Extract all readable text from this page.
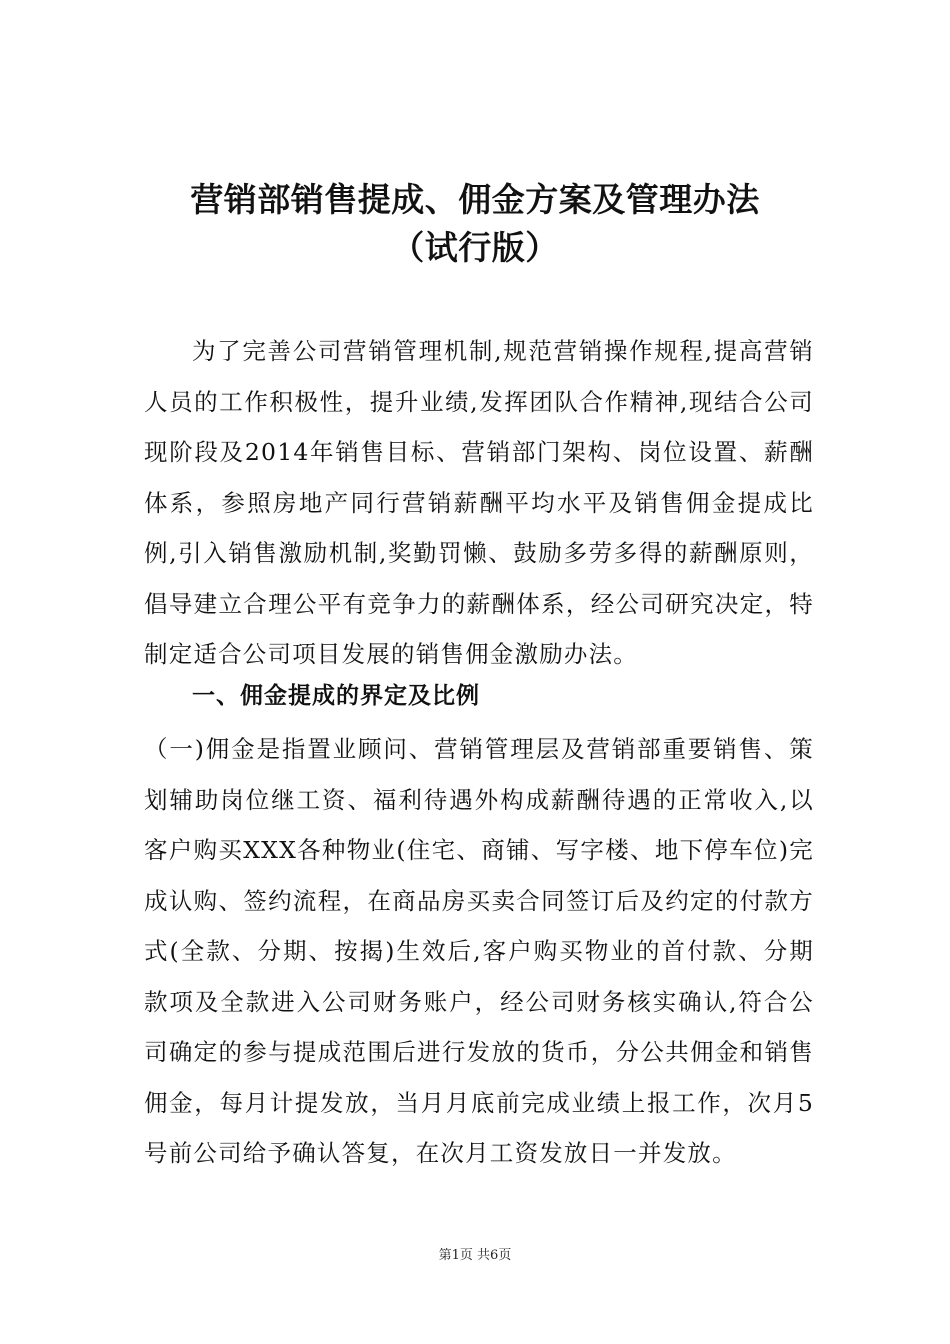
营销部销售提成、佣金方案及管理办法
（试行版）
为了完善公司营销管理机制,规范营销操作规程,提高营销人员的工作积极性，提升业绩,发挥团队合作精神,现结合公司现阶段及2014年销售目标、营销部门架构、岗位设置、薪酬体系，参照房地产同行营销薪酬平均水平及销售佣金提成比例,引入销售激励机制,奖勤罚懒、鼓励多劳多得的薪酬原则，倡导建立合理公平有竞争力的薪酬体系，经公司研究决定，特制定适合公司项目发展的销售佣金激励办法。
一、佣金提成的界定及比例
（一)佣金是指置业顾问、营销管理层及营销部重要销售、策划辅助岗位继工资、福利待遇外构成薪酬待遇的正常收入,以客户购买XXX各种物业(住宅、商铺、写字楼、地下停车位)完成认购、签约流程，在商品房买卖合同签订后及约定的付款方式(全款、分期、按揭)生效后,客户购买物业的首付款、分期款项及全款进入公司财务账户，经公司财务核实确认,符合公司确定的参与提成范围后进行发放的货币，分公共佣金和销售佣金，每月计提发放，当月月底前完成业绩上报工作，次月5号前公司给予确认答复，在次月工资发放日一并发放。
第1页 共6页
